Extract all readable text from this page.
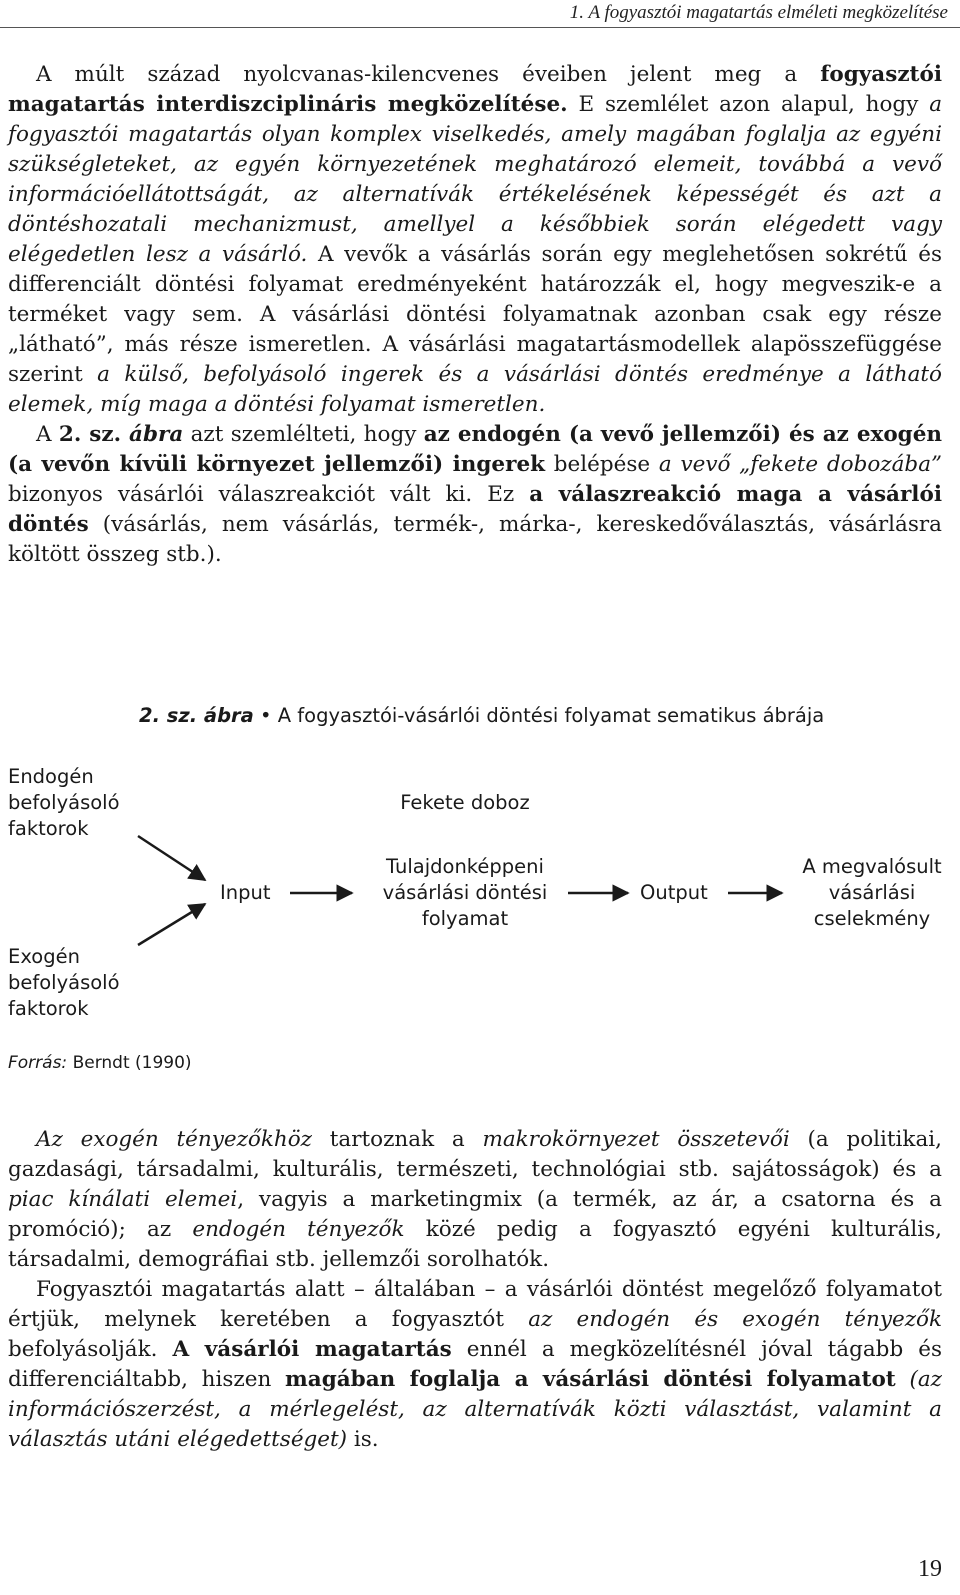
1. A fogyasztói magatartás elméleti megközelítése

A múlt század nyolcvanas-kilencvenes éveiben jelent meg a fogyasztói magatartás interdiszciplináris megközelítése. E szemlélet azon alapul, hogy a fogyasztói magatartás olyan komplex viselkedés, amely magában foglalja az egyéni szükségleteket, az egyén környezetének meghatározó elemeit, továbbá a vevő információellátottságát, az alternatívák értékelésének képességét és azt a döntéshozatali mechanizmust, amellyel a későbbiek során elégedett vagy elégedetlen lesz a vásárló. A vevők a vásárlás során egy meglehetősen sokrétű és differenciált döntési folyamat eredményeként határozzák el, hogy megveszik-e a terméket vagy sem. A vásárlási döntési folyamatnak azonban csak egy része „látható”, más része ismeretlen. A vásárlási magatartásmodellek alapösszefüggése szerint a külső, befolyásoló ingerek és a vásárlási döntés eredménye a látható elemek, míg maga a döntési folyamat ismeretlen.

A 2. sz. ábra azt szemlélteti, hogy az endogén (a vevő jellemzői) és az exogén (a vevőn kívüli környezet jellemzői) ingerek belépése a vevő „fekete dobozába” bizonyos vásárlói válaszreakciót vált ki. Ez a válaszreakció maga a vásárlói döntés (vásárlás, nem vásárlás, termék-, márka-, kereskedőválasztás, vásárlásra költött összeg stb.).

2. sz. ábra • A fogyasztói-vásárlói döntési folyamat sematikus ábrája
Endogén
befolyásoló
faktorok
Exogén
befolyásoló
faktorok
Fekete doboz
Input
Tulajdonképpeni
vásárlási döntési
folyamat
Output
A megvalósult
vásárlási
cselekmény
Forrás: Berndt (1990)

Az exogén tényezőkhöz tartoznak a makrokörnyezet összetevői (a politikai, gazdasági, társadalmi, kulturális, természeti, technológiai stb. sajátosságok) és a piac kínálati elemei, vagyis a marketingmix (a termék, az ár, a csatorna és a promóció); az endogén tényezők közé pedig a fogyasztó egyéni kulturális, társadalmi, demográfiai stb. jellemzői sorolhatók.

Fogyasztói magatartás alatt – általában – a vásárlói döntést megelőző folyamatot értjük, melynek keretében a fogyasztót az endogén és exogén tényezők befolyásolják. A vásárlói magatartás ennél a megközelítésnél jóval tágabb és differenciáltabb, hiszen magában foglalja a vásárlási döntési folyamatot (az információszerzést, a mérlegelést, az alternatívák közti választást, valamint a választás utáni elégedettséget) is.

19
